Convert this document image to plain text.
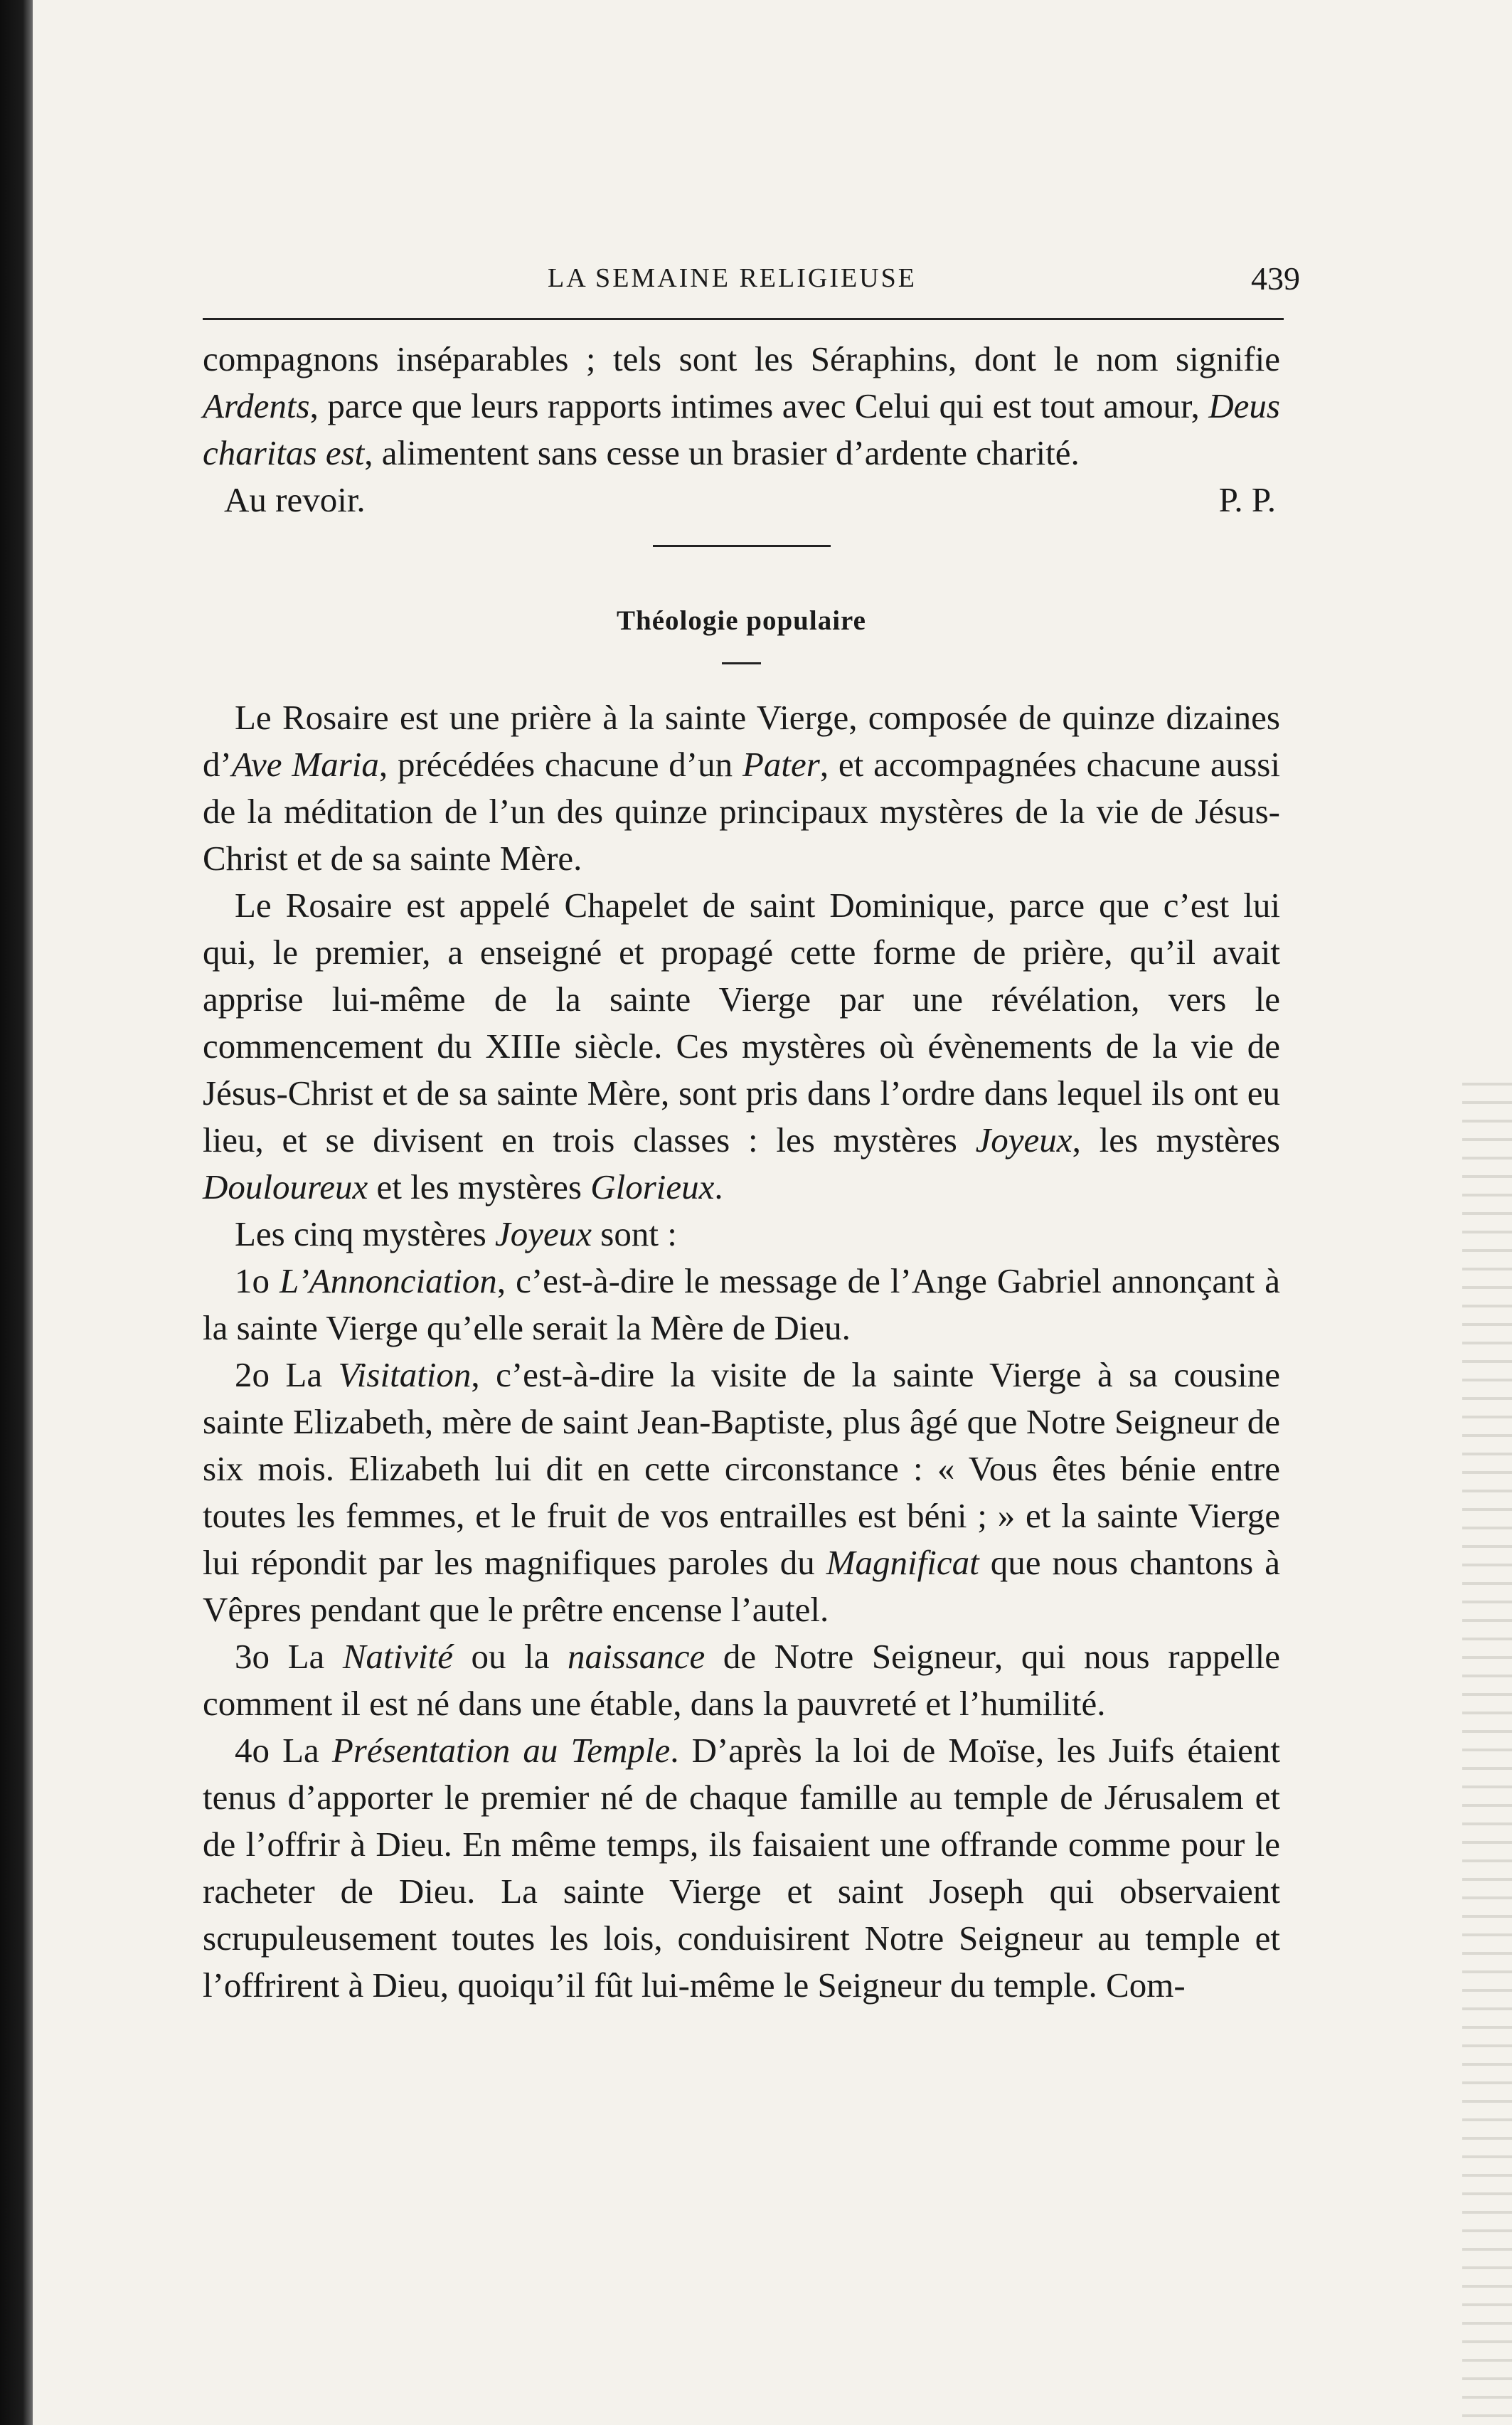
LA SEMAINE RELIGIEUSE	439

compagnons inséparables ; tels sont les Séraphins, dont le nom signifie Ardents, parce que leurs rapports intimes avec Celui qui est tout amour, Deus charitas est, alimentent sans cesse un brasier d’ardente charité.

Au revoir.	P. P.

Théologie populaire

Le Rosaire est une prière à la sainte Vierge, composée de quinze dizaines d’Ave Maria, précédées chacune d’un Pater, et accompagnées chacune aussi de la méditation de l’un des quinze principaux mystères de la vie de Jésus-Christ et de sa sainte Mère.

Le Rosaire est appelé Chapelet de saint Dominique, parce que c’est lui qui, le premier, a enseigné et propagé cette forme de prière, qu’il avait apprise lui-même de la sainte Vierge par une révélation, vers le commencement du XIIIe siècle. Ces mystères où évènements de la vie de Jésus-Christ et de sa sainte Mère, sont pris dans l’ordre dans lequel ils ont eu lieu, et se divisent en trois classes : les mystères Joyeux, les mystères Douloureux et les mystères Glorieux.

Les cinq mystères Joyeux sont :

1o L’Annonciation, c’est-à-dire le message de l’Ange Gabriel annonçant à la sainte Vierge qu’elle serait la Mère de Dieu.

2o La Visitation, c’est-à-dire la visite de la sainte Vierge à sa cousine sainte Elizabeth, mère de saint Jean-Baptiste, plus âgé que Notre Seigneur de six mois. Elizabeth lui dit en cette circonstance : « Vous êtes bénie entre toutes les femmes, et le fruit de vos entrailles est béni ; » et la sainte Vierge lui répondit par les magnifiques paroles du Magnificat que nous chantons à Vêpres pendant que le prêtre encense l’autel.

3o La Nativité ou la naissance de Notre Seigneur, qui nous rappelle comment il est né dans une étable, dans la pauvreté et l’humilité.

4o La Présentation au Temple. D’après la loi de Moïse, les Juifs étaient tenus d’apporter le premier né de chaque famille au temple de Jérusalem et de l’offrir à Dieu. En même temps, ils faisaient une offrande comme pour le racheter de Dieu. La sainte Vierge et saint Joseph qui observaient scrupuleusement toutes les lois, conduisirent Notre Seigneur au temple et l’offrirent à Dieu, quoiqu’il fût lui-même le Seigneur du temple. Com-
